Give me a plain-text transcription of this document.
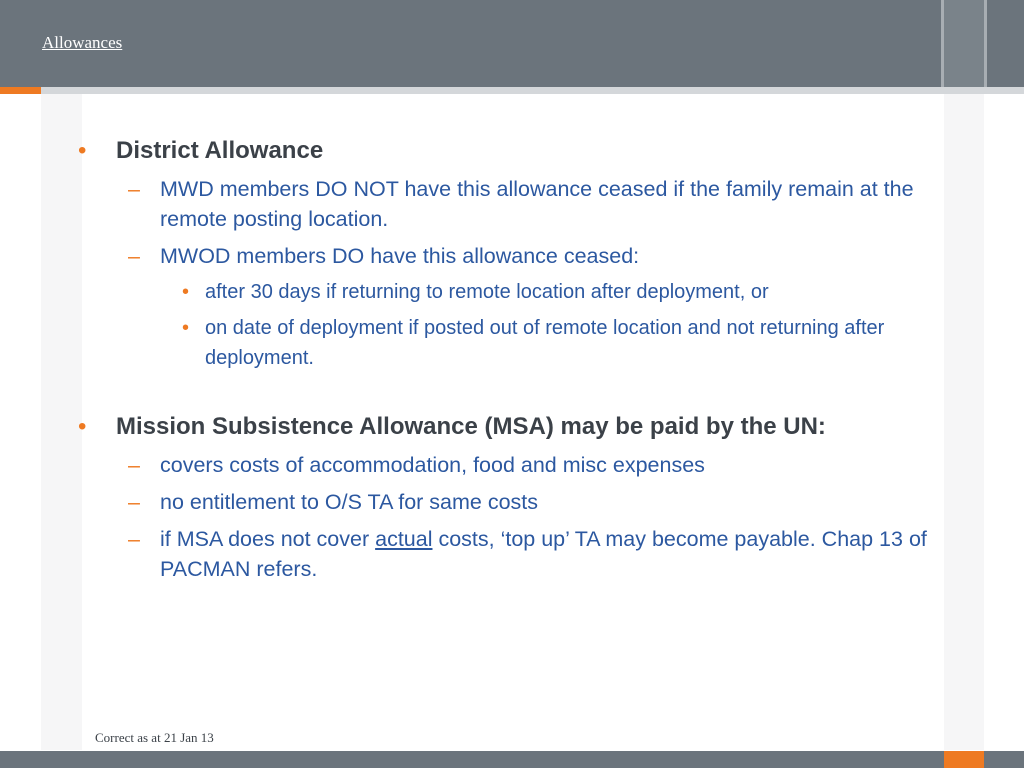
Allowances
• District Allowance
– MWD members DO NOT have this allowance ceased if the family remain at the remote posting location.
– MWOD members DO have this allowance ceased:
• after 30 days if returning to remote location after deployment, or
• on date of deployment if posted out of remote location and not returning after deployment.
• Mission Subsistence Allowance (MSA) may be paid by the UN:
– covers costs of accommodation, food and misc expenses
– no entitlement to O/S TA for same costs
– if MSA does not cover actual costs, ‘top up’ TA may become payable. Chap 13 of PACMAN refers.
Correct as at 21 Jan 13
